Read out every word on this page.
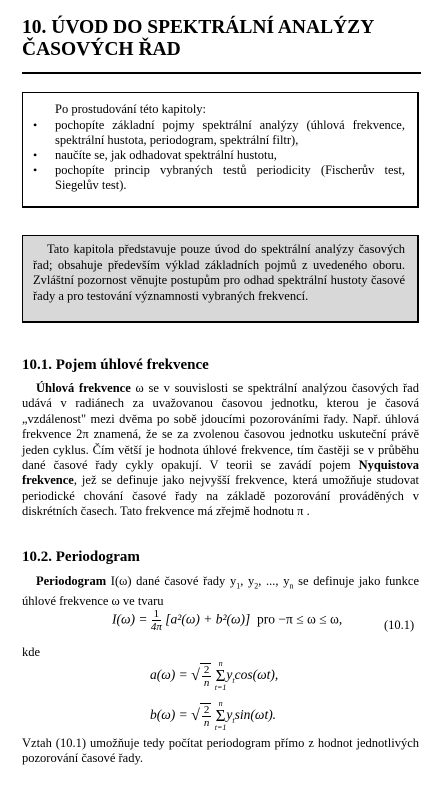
10. ÚVOD DO SPEKTRÁLNÍ ANALÝZY
ČASOVÝCH ŘAD

Po prostudování této kapitoly:

• pochopíte základní pojmy spektrální analýzy (úhlová frekvence, spektrální hustota, periodogram, spektrální filtr),
• naučíte se, jak odhadovat spektrální hustotu,
• pochopíte princip vybraných testů periodicity (Fischerův test, Siegelův test).

Tato kapitola představuje pouze úvod do spektrální analýzy časových řad; obsahuje především výklad základních pojmů z uvedeného oboru. Zvláštní pozornost věnujte postupům pro odhad spektrální hustoty časové řady a pro testování významnosti vybraných frekvencí.

10.1. Pojem úhlové frekvence

Úhlová frekvence ω se v souvislosti se spektrální analýzou časových řad udává v radiánech za uvažovanou časovou jednotku, kterou je časová „vzdálenost" mezi dvěma po sobě jdoucími pozorováními řady. Např. úhlová frekvence 2π znamená, že se za zvolenou časovou jednotku uskuteční právě jeden cyklus. Čím větší je hodnota úhlové frekvence, tím častěji se v průběhu dané časové řady cykly opakují. V teorii se zavádí pojem Nyquistova frekvence, jež se definuje jako nejvyšší frekvence, která umožňuje studovat periodické chování časové řady na základě pozorování prováděných v diskrétních časech. Tato frekvence má zřejmě hodnotu π .

10.2. Periodogram

Periodogram I(ω) dané časové řady $y_1$, $y_2$, ..., $y_n$ se definuje jako funkce úhlové frekvence ω ve tvaru

$I(\omega) = \frac{1}{4\pi} [a^2(\omega) + b^2(\omega)]$ pro −π ≤ ω ≤ ω,	(10.1)
kde
a(ω) = √ $\frac{2}{n}$

n
Σ
t=1
$y_t\cos(\omega t)$,
b(ω) = √ $\frac{2}{n}$

n
Σ
t=1
$y_t\sin(\omega t)$.

Vztah (10.1) umožňuje tedy počítat periodogram přímo z hodnot jednotlivých pozorování časové řady.
